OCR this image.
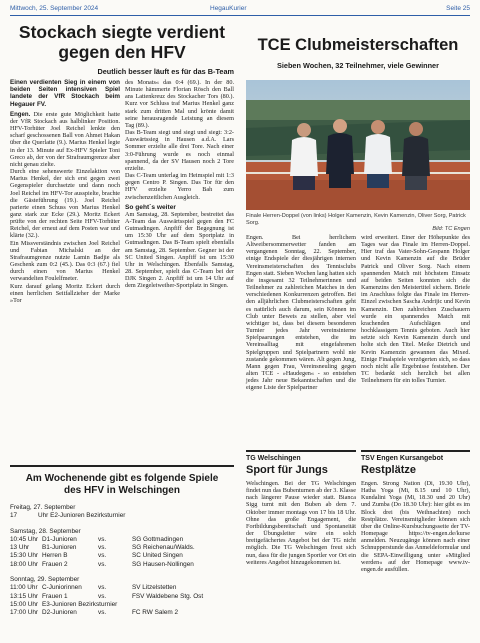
Mittwoch, 25. September 2024	HegauKurier	Seite 25
Stockach siegte verdient
gegen den HFV
Deutlich besser läuft es für das B-Team

Einen verdienten Sieg in einem von beiden Seiten intensiven Spiel landete der VfR Stockach beim Hegauer FV.

Engen. Die erste gute Möglichkeit hatte der VfR Stockach aus halblinker Position. HFV-Torhüter Joel Reichel lenkte den scharf geschossenen Ball von Ahmet Hakan über die Querlatte (9.). Marius Henkel legte in der 13. Minute auf Ex-HFV Spieler Toni Greco ab, der von der Strafraumgrenze aber nicht genau zielte.

Durch eine sehenswerte Einzelaktion von Marius Henkel, der sich erst gegen zwei Gegenspieler durchsetzte und dann noch Joel Reichel im HFV-Tor ausspielte, brachte die Gästeführung (19.). Joel Reichel parierte einen Schuss von Marius Henkel ganz stark zur Ecke (29.). Moritz Eckert prüfte von der rechten Seite HFV-Torhüter Reichel, der erneut auf dem Posten war und klärte (32.).

Ein Missverständnis zwischen Joel Reichel und Fabian Michalski an der Strafraumgrenze nutzte Lamin Badjie als Geschenk zum 0:2 (45.). Das 0:3 (67.) fiel durch einen von Marius Henkel verwandelten Foulelfmeter.

Kurz darauf gelang Moritz Eckert durch einen herrlichen Seitfallzieher der Marke »Tor

des Monats« das 0:4 (69.). In der 80. Minute hämmerte Florian Rösch den Ball ans Lattenkreuz des Stockacher Tors (80.). Kurz vor Schluss traf Marius Henkel ganz stark zum dritten Mal und krönte damit seine herausragende Leistung an diesem Tag (89.).

Das B-Team siegt und siegt und siegt: 3:2-Auswärtssieg in Hausen a.d.A. Lars Sommer erzielte alle drei Tore. Nach einer 3:0-Führung wurde es noch einmal spannend, da der SV Hausen noch 2 Tore erzielte.

Das C-Team unterlag im Heimspiel mit 1:3 gegen Centro P. Singen. Das Tor für den HFV erzielte Yerro Bah zum zwischenzeitlichen Ausgleich.

So geht´s weiter

Am Samstag, 28. September, bestreitet das A-Team das Auswärtsspiel gegen den FC Gutmadingen. Anpfiff der Begegnung ist um 15:30 Uhr auf dem Sportplatz in Gutmadingen. Das B-Team spielt ebenfalls am Samstag, 28. September. Gegner ist der SC United Singen. Anpfiff ist um 15:30 Uhr in Welschingen. Ebenfalls Samstag, 28. September, spielt das C-Team bei der DJK Singen 2. Anpfiff ist um 14 Uhr auf dem Ziegeleiweiher-Sportplatz in Singen.

Am Wochenende gibt es folgende Spiele
des HFV in Welschingen
Freitag, 27. September
17	Uhr E2-Junioren Bezirksturnier
Samstag, 28. September
10:45 Uhr D1-Junioren	vs.	SG Gottmadingen
13 Uhr	B1-Junioren	vs.	SG Reichenau/Walds.
15:30 Uhr Herren B	vs.	SC United Singen
18:00 Uhr Frauen 2	vs.	SG Hausen-Nollingen
Sonntag, 29. September
11:00 Uhr C-Juniorinnen	vs.	SV Litzelstetten
13:15 Uhr Frauen 1	vs.	FSV Waldebene Stg. Ost
15:00 Uhr E3-Junioren Bezirksturnier
17:00 Uhr D2-Junioren	vs.	FC RW Salem 2
TCE Clubmeisterschaften
Sieben Wochen, 32 Teilnehmer, viele Gewinner
Finale Herren-Doppel (von links) Holger Kamenzin, Kevin Kamenzin, Oliver Sorg, Patrick Sorg.
Bild: TC Engen
Engen. Bei herrlichem Altweibersommerwetter fanden am vergangenen Sonntag, 22. September, einige Endspiele der diesjährigen internen Vereinsmeisterschaften des Tennisclubs Engen statt. Sieben Wochen lang hatten sich die insgesamt 32 Teilnehmerinnen und Teilnehmer zu zahlreichen Matches in den verschiedenen Konkurrenzen getroffen. Bei den alljährlichen Clubmeisterschaften geht es natürlich auch darum, sein Können im Club unter Beweis zu stellen, aber viel wichtiger ist, dass bei diesem besonderen Turnier jedes Jahr vereinsinterne Spielpaarungen entstehen, die im Vereinsalltag mit eingefahrenen Spielgruppen und Spielpartnern wohl nie zustande gekommen wären. Alt gegen Jung, Mann gegen Frau, Vereinsneuling gegen alten TCE - »Haudegen« - so entstehen jedes Jahr neue Bekanntschaften und die eigene Liste der Spielpartner
wird erweitert. Einer der Höhepunkte des Tages war das Finale im Herren-Doppel. Hier traf das Vater-Sohn-Gespann Holger und Kevin Kamenzin auf die Brüder Patrick und Oliver Sorg. Nach einem spannenden Match mit höchstem Einsatz auf beiden Seiten konnten sich die Kamenzins den Meistertitel sichern. Briefe im Anschluss folgte das Finale im Herren-Einzel zwischen Sascha Andrijic und Kevin Kamenzin. Den zahlreichen Zuschauern wurde ein spannendes Match mit krachenden Aufschlägen und hochklassigem Tennis geboten. Auch hier setzte sich Kevin Kamenzin durch und holte sich den Titel. Meike Dietrich und Kevin Kamenzin gewannen das Mixed. Einige Finalspiele verzögerten sich, so dass noch nicht alle Ergebnisse feststehen. Der TC bedankt sich herzlich bei allen Teilnehmern für ein tolles Turnier.
TG Welschingen
Sport für Jungs
Welschingen. Bei der TG Welschingen findet nun das Bubenturnen ab der 3. Klasse nach längerer Pause wieder statt. Bianca Sigg turnt mit den Buben ab dem 7. Oktober immer montags von 17 bis 18 Uhr. Ohne das große Engagement, die Fortbildungsbereitschaft und Spontaneität der Übungsleiter wäre ein solch breitgefächertes Angebot bei der TG nicht möglich. Die TG Welschingen freut sich nun, dass für die jungen Sportler vor Ort ein weiteres Angebot hinzugekommen ist.
TSV Engen Kursangebot
Restplätze
Engen. Strong Nation (Di, 19.30 Uhr), Hatha Yoga (Mi, 8.15 und 10 Uhr), Kundalini Yoga (Mi, 18.30 und 20 Uhr) und Zumba (Do 18.30 Uhr): hier gibt es im Block drei (bis Weihnachten) noch Restplätze. Vereinsmitglieder können sich über die Online-Kursbuchungsseite der TV-Homepage https://tv-engen.de/kurse anmelden. Neuzugänge können nach einer Schnupperstunde das Anmeldeformular und die SEPA-Einwilligung unter »Mitglied werden« auf der Homepage www.tv-engen.de ausfüllen.
